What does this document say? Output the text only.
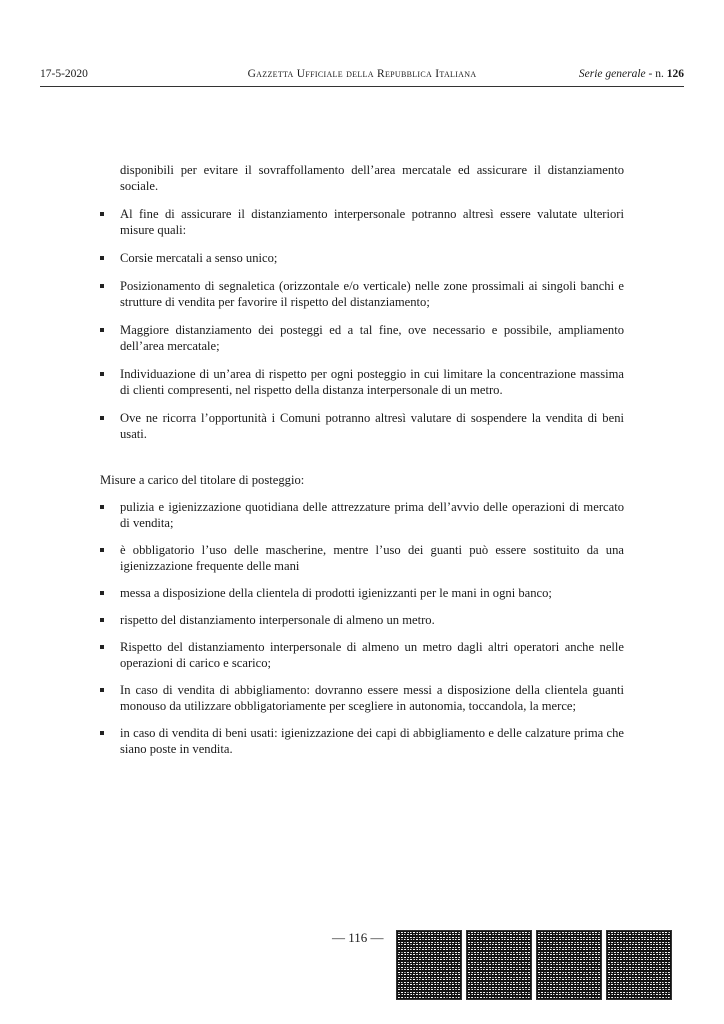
17-5-2020	Gazzetta Ufficiale della Repubblica Italiana	Serie generale - n. 126

disponibili per evitare il sovraffollamento dell’area mercatale ed assicurare il distanziamento sociale.

Al fine di assicurare il distanziamento interpersonale potranno altresì essere valutate ulteriori misure quali:
Corsie mercatali a senso unico;
Posizionamento di segnaletica (orizzontale e/o verticale) nelle zone prossimali ai singoli banchi e strutture di vendita per favorire il rispetto del distanziamento;
Maggiore distanziamento dei posteggi ed a tal fine, ove necessario e possibile, ampliamento dell’area mercatale;
Individuazione di un’area di rispetto per ogni posteggio in cui limitare la concentrazione massima di clienti compresenti, nel rispetto della distanza interpersonale di un metro.
Ove ne ricorra l’opportunità i Comuni potranno altresì valutare di sospendere la vendita di beni usati.

Misure a carico del titolare di posteggio:

pulizia e igienizzazione quotidiana delle attrezzature prima dell’avvio delle operazioni di mercato di vendita;
è obbligatorio l’uso delle mascherine, mentre l’uso dei guanti può essere sostituito da una igienizzazione frequente delle mani
messa a disposizione della clientela di prodotti igienizzanti per le mani in ogni banco;
rispetto del distanziamento interpersonale di almeno un metro.
Rispetto del distanziamento interpersonale di almeno un metro dagli altri operatori anche nelle operazioni di carico e scarico;
In caso di vendita di abbigliamento: dovranno essere messi a disposizione della clientela guanti monouso da utilizzare obbligatoriamente per scegliere in autonomia, toccandola, la merce;
in caso di vendita di beni usati: igienizzazione dei capi di abbigliamento e delle calzature prima che siano poste in vendita.
— 116 —
